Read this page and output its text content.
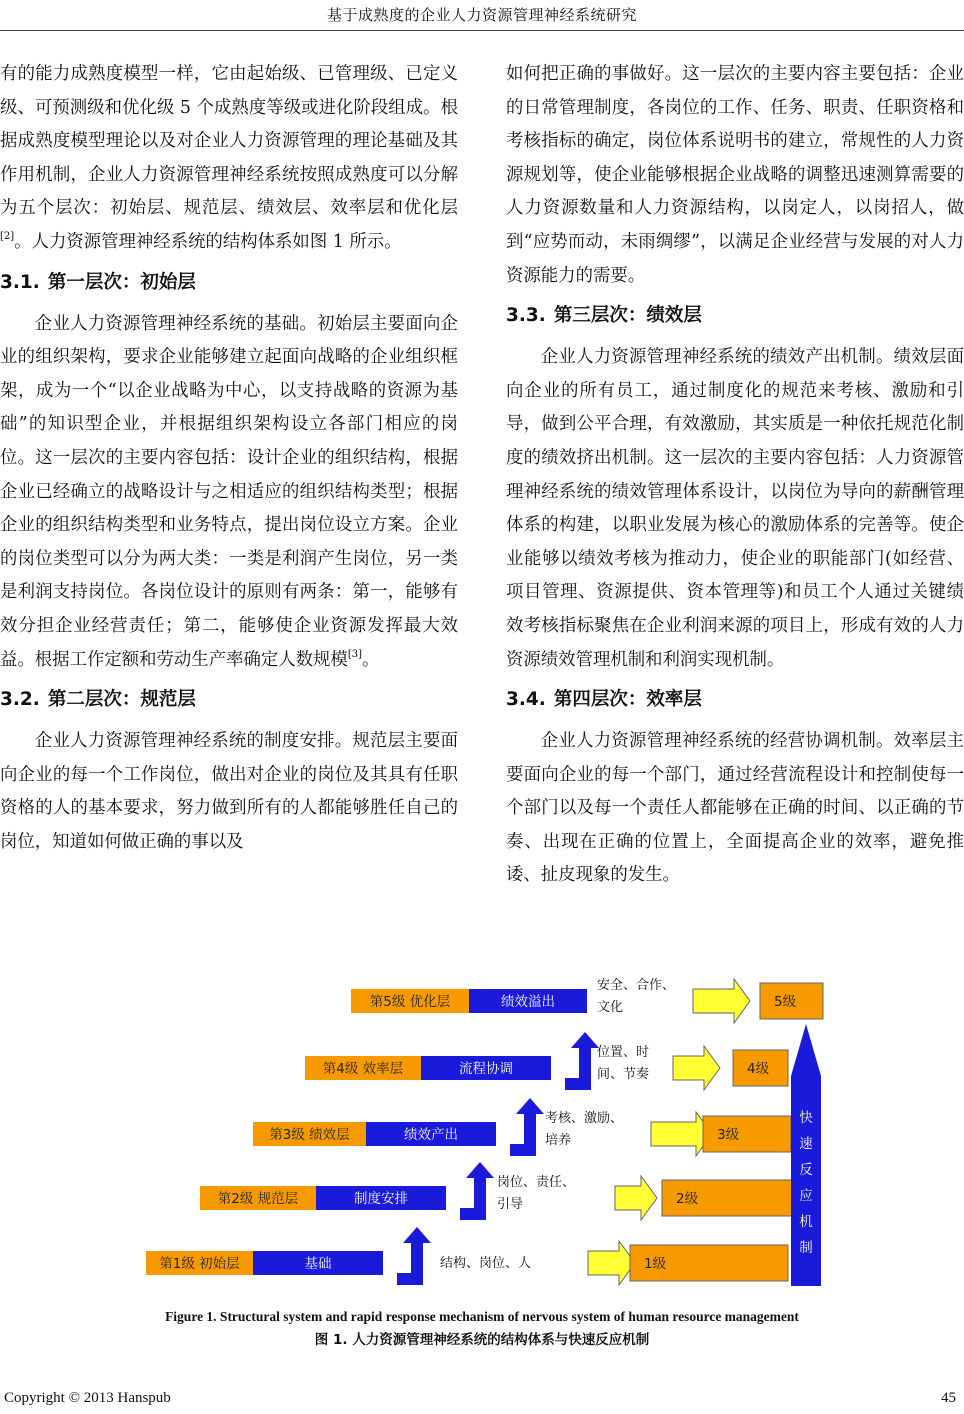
基于成熟度的企业人力资源管理神经系统研究

有的能力成熟度模型一样，它由起始级、已管理级、已定义级、可预测级和优化级 5 个成熟度等级或进化阶段组成。根据成熟度模型理论以及对企业人力资源管理的理论基础及其作用机制，企业人力资源管理神经系统按照成熟度可以分解为五个层次：初始层、规范层、绩效层、效率层和优化层[2]。人力资源管理神经系统的结构体系如图 1 所示。

3.1. 第一层次：初始层

企业人力资源管理神经系统的基础。初始层主要面向企业的组织架构，要求企业能够建立起面向战略的企业组织框架，成为一个“以企业战略为中心，以支持战略的资源为基础”的知识型企业，并根据组织架构设立各部门相应的岗位。这一层次的主要内容包括：设计企业的组织结构，根据企业已经确立的战略设计与之相适应的组织结构类型；根据企业的组织结构类型和业务特点，提出岗位设立方案。企业的岗位类型可以分为两大类：一类是利润产生岗位，另一类是利润支持岗位。各岗位设计的原则有两条：第一，能够有效分担企业经营责任；第二，能够使企业资源发挥最大效益。根据工作定额和劳动生产率确定人数规模[3]。

3.2. 第二层次：规范层

企业人力资源管理神经系统的制度安排。规范层主要面向企业的每一个工作岗位，做出对企业的岗位及其具有任职资格的人的基本要求，努力做到所有的人都能够胜任自己的岗位，知道如何做正确的事以及

如何把正确的事做好。这一层次的主要内容主要包括：企业的日常管理制度，各岗位的工作、任务、职责、任职资格和考核指标的确定，岗位体系说明书的建立，常规性的人力资源规划等，使企业能够根据企业战略的调整迅速测算需要的人力资源数量和人力资源结构，以岗定人，以岗招人，做到“应势而动，未雨绸缪”，以满足企业经营与发展的对人力资源能力的需要。

3.3. 第三层次：绩效层

企业人力资源管理神经系统的绩效产出机制。绩效层面向企业的所有员工，通过制度化的规范来考核、激励和引导，做到公平合理，有效激励，其实质是一种依托规范化制度的绩效挤出机制。这一层次的主要内容包括：人力资源管理神经系统的绩效管理体系设计，以岗位为导向的薪酬管理体系的构建，以职业发展为核心的激励体系的完善等。使企业能够以绩效考核为推动力，使企业的职能部门(如经营、项目管理、资源提供、资本管理等)和员工个人通过关键绩效考核指标聚焦在企业利润来源的项目上，形成有效的人力资源绩效管理机制和利润实现机制。

3.4. 第四层次：效率层

企业人力资源管理神经系统的经营协调机制。效率层主要面向企业的每一个部门，通过经营流程设计和控制使每一个部门以及每一个责任人都能够在正确的时间、以正确的节奏、出现在正确的位置上，全面提高企业的效率，避免推诿、扯皮现象的发生。

第5级 优化层	绩效溢出
安全、合作、
文化	5级
第4级 效率层	流程协调
位置、时
间、节奏	4级
第3级 绩效层	绩效产出
考核、激励、
培养	3级
第2级 规范层	制度安排
岗位、责任、
引导	2级
第1级 初始层	基础	结构、岗位、人	1级
快
速
反
应
机
制
Figure 1. Structural system and rapid response mechanism of nervous system of human resource management
图 1. 人力资源管理神经系统的结构体系与快速反应机制
Copyright © 2013 Hanspub	45
